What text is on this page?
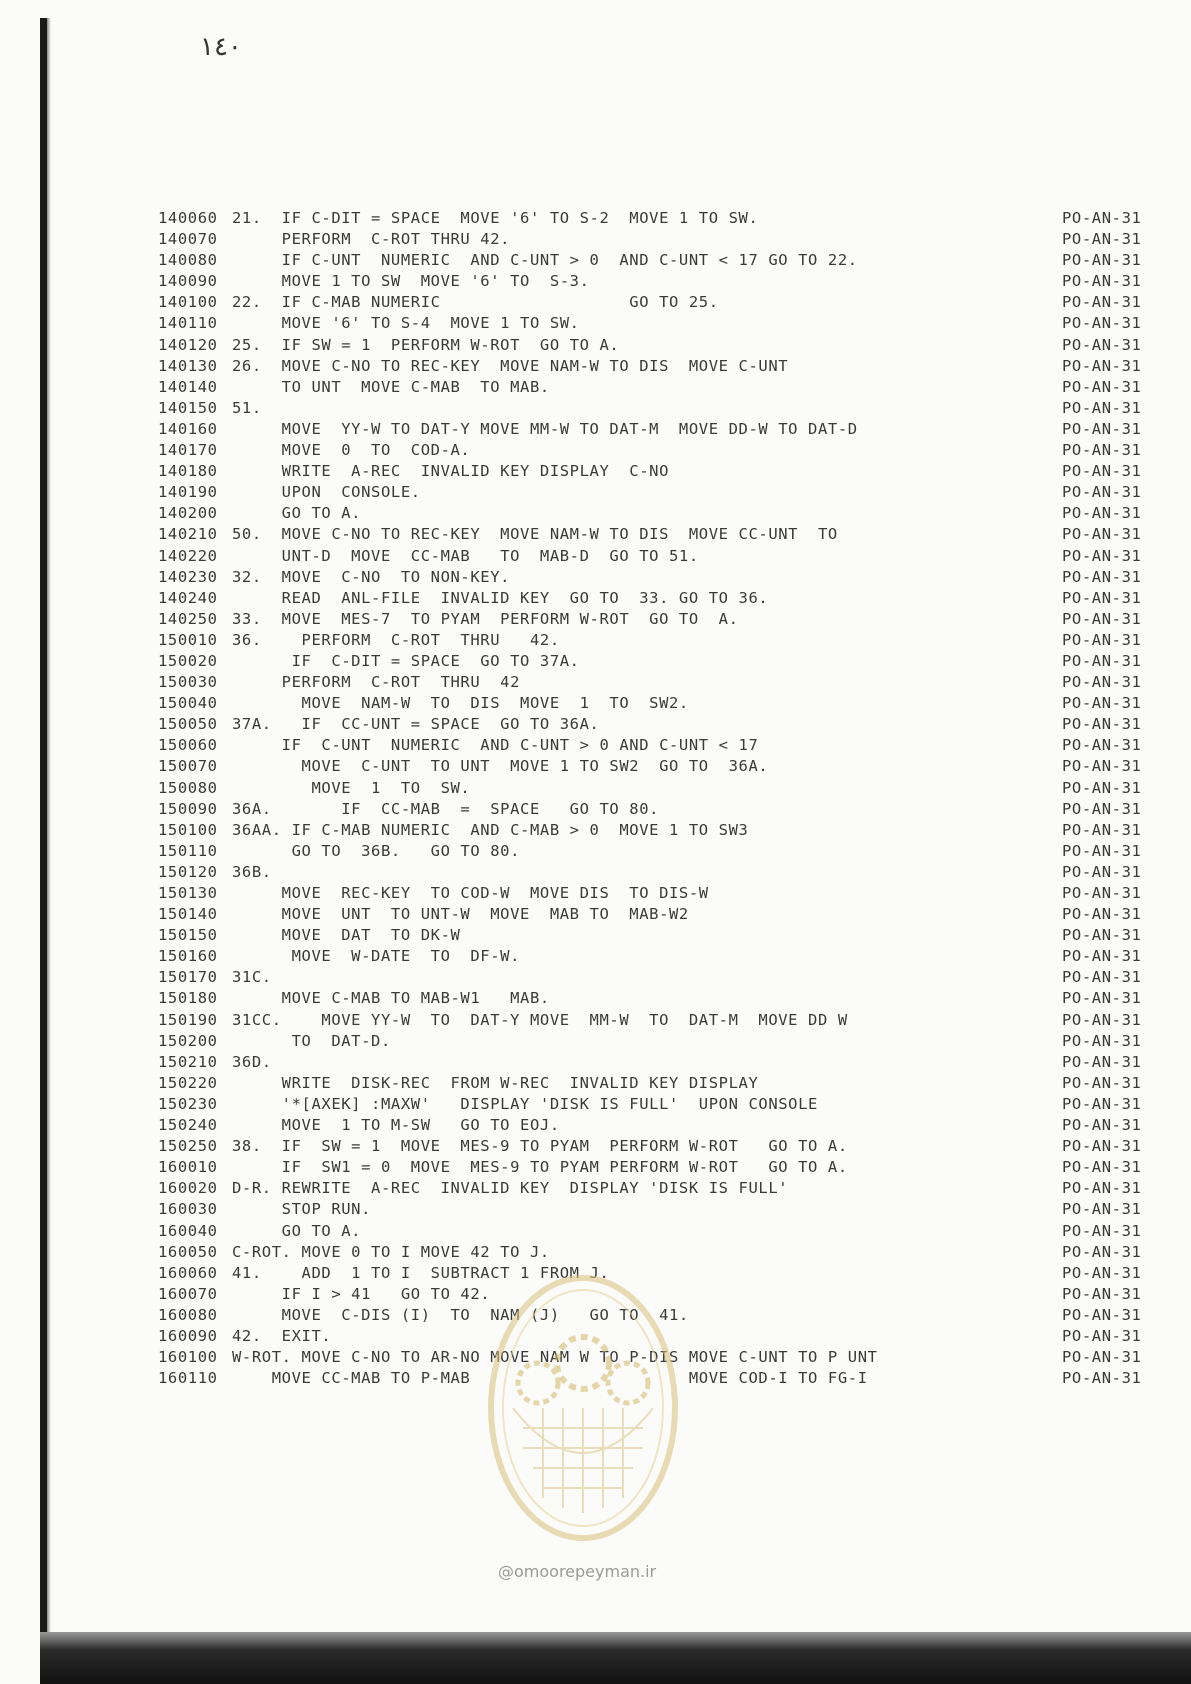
١٤٠
140060 21.  IF C-DIT = SPACE  MOVE '6' TO S-2  MOVE 1 TO SW.	PO-AN-31
140070 PERFORM  C-ROT THRU 42.	PO-AN-31
140080 IF C-UNT  NUMERIC  AND C-UNT > 0  AND C-UNT < 17 GO TO 22.	PO-AN-31
140090 MOVE 1 TO SW  MOVE '6' TO  S-3.	PO-AN-31
140100 22.  IF C-MAB NUMERIC                   GO TO 25.	PO-AN-31
140110 MOVE '6' TO S-4  MOVE 1 TO SW.	PO-AN-31
140120 25.  IF SW = 1  PERFORM W-ROT  GO TO A.	PO-AN-31
140130 26.  MOVE C-NO TO REC-KEY  MOVE NAM-W TO DIS  MOVE C-UNT	PO-AN-31
140140 TO UNT  MOVE C-MAB  TO MAB.	PO-AN-31
140150 51.	PO-AN-31
140160 MOVE  YY-W TO DAT-Y MOVE MM-W TO DAT-M  MOVE DD-W TO DAT-D	PO-AN-31
140170 MOVE  0  TO  COD-A.	PO-AN-31
140180 WRITE  A-REC  INVALID KEY DISPLAY  C-NO	PO-AN-31
140190 UPON  CONSOLE.	PO-AN-31
140200 GO TO A.	PO-AN-31
140210 50.  MOVE C-NO TO REC-KEY  MOVE NAM-W TO DIS  MOVE CC-UNT  TO	PO-AN-31
140220 UNT-D  MOVE  CC-MAB   TO  MAB-D  GO TO 51.	PO-AN-31
140230 32.  MOVE  C-NO  TO NON-KEY.	PO-AN-31
140240 READ  ANL-FILE  INVALID KEY  GO TO  33. GO TO 36.	PO-AN-31
140250 33.  MOVE  MES-7  TO PYAM  PERFORM W-ROT  GO TO  A.	PO-AN-31
150010 36.    PERFORM  C-ROT  THRU   42.	PO-AN-31
150020 IF  C-DIT = SPACE  GO TO 37A.	PO-AN-31
150030 PERFORM  C-ROT  THRU  42	PO-AN-31
150040 MOVE  NAM-W  TO  DIS  MOVE  1  TO  SW2.	PO-AN-31
150050 37A.   IF  CC-UNT = SPACE  GO TO 36A.	PO-AN-31
150060 IF  C-UNT  NUMERIC  AND C-UNT > 0 AND C-UNT < 17	PO-AN-31
150070 MOVE  C-UNT  TO UNT  MOVE 1 TO SW2  GO TO  36A.	PO-AN-31
150080 MOVE  1  TO  SW.	PO-AN-31
150090 36A.       IF  CC-MAB  =  SPACE   GO TO 80.	PO-AN-31
150100 36AA. IF C-MAB NUMERIC  AND C-MAB > 0  MOVE 1 TO SW3	PO-AN-31
150110 GO TO  36B.   GO TO 80.	PO-AN-31
150120 36B.	PO-AN-31
150130 MOVE  REC-KEY  TO COD-W  MOVE DIS  TO DIS-W	PO-AN-31
150140 MOVE  UNT  TO UNT-W  MOVE  MAB TO  MAB-W2	PO-AN-31
150150 MOVE  DAT  TO DK-W	PO-AN-31
150160 MOVE  W-DATE  TO  DF-W.	PO-AN-31
150170 31C.	PO-AN-31
150180 MOVE C-MAB TO MAB-W1   MAB.	PO-AN-31
150190 31CC.    MOVE YY-W  TO  DAT-Y MOVE  MM-W  TO  DAT-M  MOVE DD W	PO-AN-31
150200 TO  DAT-D.	PO-AN-31
150210 36D.	PO-AN-31
150220 WRITE  DISK-REC  FROM W-REC  INVALID KEY DISPLAY	PO-AN-31
150230 '*[AXEK] :MAXW'   DISPLAY 'DISK IS FULL'  UPON CONSOLE	PO-AN-31
150240 MOVE  1 TO M-SW   GO TO EOJ.	PO-AN-31
150250 38.  IF  SW = 1  MOVE  MES-9 TO PYAM  PERFORM W-ROT   GO TO A.	PO-AN-31
160010 IF  SW1 = 0  MOVE  MES-9 TO PYAM PERFORM W-ROT   GO TO A.	PO-AN-31
160020 D-R. REWRITE  A-REC  INVALID KEY  DISPLAY 'DISK IS FULL'	PO-AN-31
160030 STOP RUN.	PO-AN-31
160040 GO TO A.	PO-AN-31
160050 C-ROT. MOVE 0 TO I MOVE 42 TO J.	PO-AN-31
160060 41.    ADD  1 TO I  SUBTRACT 1 FROM J.	PO-AN-31
160070 IF I > 41   GO TO 42.	PO-AN-31
160080 MOVE  C-DIS (I)  TO  NAM (J)   GO TO  41.	PO-AN-31
160090 42.  EXIT.	PO-AN-31
160100 W-ROT. MOVE C-NO TO AR-NO MOVE NAM W TO P-DIS MOVE C-UNT TO P UNT	PO-AN-31
160110 MOVE CC-MAB TO P-MAB                      MOVE COD-I TO FG-I	PO-AN-31
@omoorepeyman.ir
